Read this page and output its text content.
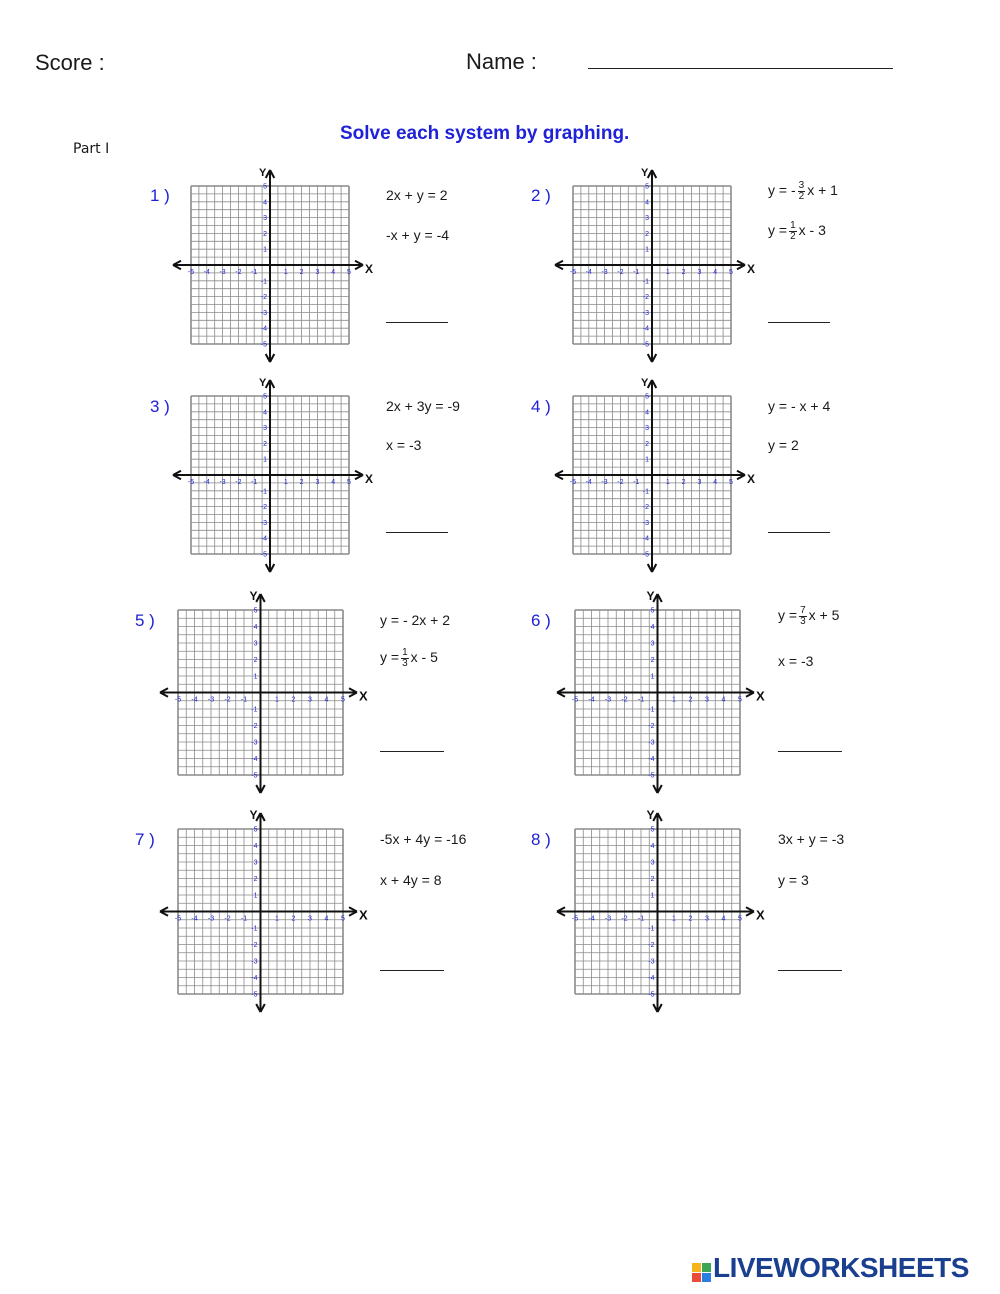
Score :	Name :
Solve each system by graphing.
Part I
1 )
-5
-5
-4
-4
-3
-3
-2
-2
-1
-1
1
1
2
2
3
3
4
4
5
5
X
Y
2x + y = 2
-x + y = -4
2 )
-5
-5
-4
-4
-3
-3
-2
-2
-1
-1
1
1
2
2
3
3
4
4
5
5
X
Y
y = - $\frac{3}{2}$ x + 1
$y = \frac{1}{2}$ x - 3
3 )
-5
-5
-4
-4
-3
-3
-2
-2
-1
-1
1
1
2
2
3
3
4
4
5
5
X
Y
2x + 3y = -9
x = -3
4 )
-5
-5
-4
-4
-3
-3
-2
-2
-1
-1
1
1
2
2
3
3
4
4
5
5
X
Y
y = - x + 4
y = 2
5 )
-5
-5
-4
-4
-3
-3
-2
-2
-1
-1
1
1
2
2
3
3
4
4
5
5
X
Y
y = - 2x + 2
$y = \frac{1}{3}$ x - 5
6 )
-5
-5
-4
-4
-3
-3
-2
-2
-1
-1
1
1
2
2
3
3
4
4
5
5
X
Y
$y = \frac{7}{3}$ x + 5
x = -3
7 )
-5
-5
-4
-4
-3
-3
-2
-2
-1
-1
1
1
2
2
3
3
4
4
5
5
X
Y
-5x + 4y = -16
x + 4y = 8
8 )
-5
-5
-4
-4
-3
-3
-2
-2
-1
-1
1
1
2
2
3
3
4
4
5
5
X
Y
3x + y = -3
y = 3
LIVEWORKSHEETS
